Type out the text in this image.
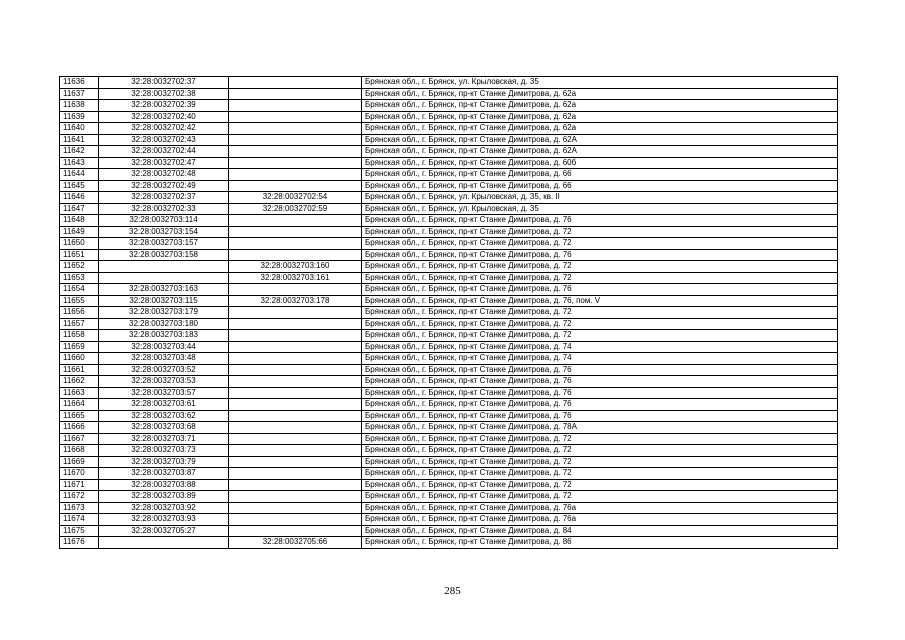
11636	32:28:0032702:37		Брянская обл., г. Брянск, ул. Крыловская, д. 35
11637	32:28:0032702:38		Брянская обл., г. Брянск, пр-кт Станке Димитрова, д. 62а
11638	32:28:0032702:39		Брянская обл., г. Брянск, пр-кт Станке Димитрова, д. 62а
11639	32:28:0032702:40		Брянская обл., г. Брянск, пр-кт Станке Димитрова, д. 62а
11640	32:28:0032702:42		Брянская обл., г. Брянск, пр-кт Станке Димитрова, д. 62а
11641	32:28:0032702:43		Брянская обл., г. Брянск, пр-кт Станке Димитрова, д. 62А
11642	32:28:0032702:44		Брянская обл., г. Брянск, пр-кт Станке Димитрова, д. 62А
11643	32:28:0032702:47		Брянская обл., г. Брянск, пр-кт Станке Димитрова, д. 60б
11644	32:28:0032702:48		Брянская обл., г. Брянск, пр-кт Станке Димитрова, д. 66
11645	32:28:0032702:49		Брянская обл., г. Брянск, пр-кт Станке Димитрова, д. 66
11646	32:28:0032702:37	32:28:0032702:54	Брянская обл., г. Брянск, ул. Крыловская, д. 35, кв. II
11647	32:28:0032702:33	32:28:0032702:59	Брянская обл., г. Брянск, ул. Крыловская, д. 35
11648	32:28:0032703:114		Брянская обл., г. Брянск, пр-кт Станке Димитрова, д. 76
11649	32:28:0032703:154		Брянская обл., г. Брянск, пр-кт Станке Димитрова, д. 72
11650	32:28:0032703:157		Брянская обл., г. Брянск, пр-кт Станке Димитрова, д. 72
11651	32:28:0032703:158		Брянская обл., г. Брянск, пр-кт Станке Димитрова, д. 76
11652		32:28:0032703:160	Брянская обл., г. Брянск, пр-кт Станке Димитрова, д. 72
11653		32:28:0032703:161	Брянская обл., г. Брянск, пр-кт Станке Димитрова, д. 72
11654	32:28:0032703:163		Брянская обл., г. Брянск, пр-кт Станке Димитрова, д. 76
11655	32:28:0032703:115	32:28:0032703:178	Брянская обл., г. Брянск, пр-кт Станке Димитрова, д. 76, пом. V
11656	32:28:0032703:179		Брянская обл., г. Брянск, пр-кт Станке Димитрова, д. 72
11657	32:28:0032703:180		Брянская обл., г. Брянск, пр-кт Станке Димитрова, д. 72
11658	32:28:0032703:183		Брянская обл., г. Брянск, пр-кт Станке Димитрова, д. 72
11659	32:28:0032703:44		Брянская обл., г. Брянск, пр-кт Станке Димитрова, д. 74
11660	32:28:0032703:48		Брянская обл., г. Брянск, пр-кт Станке Димитрова, д. 74
11661	32:28:0032703:52		Брянская обл., г. Брянск, пр-кт Станке Димитрова, д. 76
11662	32:28:0032703:53		Брянская обл., г. Брянск, пр-кт Станке Димитрова, д. 76
11663	32:28:0032703:57		Брянская обл., г. Брянск, пр-кт Станке Димитрова, д. 76
11664	32:28:0032703:61		Брянская обл., г. Брянск, пр-кт Станке Димитрова, д. 76
11665	32:28:0032703:62		Брянская обл., г. Брянск, пр-кт Станке Димитрова, д. 76
11666	32:28:0032703:68		Брянская обл., г. Брянск, пр-кт Станке Димитрова, д. 78А
11667	32:28:0032703:71		Брянская обл., г. Брянск, пр-кт Станке Димитрова, д. 72
11668	32:28:0032703:73		Брянская обл., г. Брянск, пр-кт Станке Димитрова, д. 72
11669	32:28:0032703:79		Брянская обл., г. Брянск, пр-кт Станке Димитрова, д. 72
11670	32:28:0032703:87		Брянская обл., г. Брянск, пр-кт Станке Димитрова, д. 72
11671	32:28:0032703:88		Брянская обл., г. Брянск, пр-кт Станке Димитрова, д. 72
11672	32:28:0032703:89		Брянская обл., г. Брянск, пр-кт Станке Димитрова, д. 72
11673	32:28:0032703:92		Брянская обл., г. Брянск, пр-кт Станке Димитрова, д. 76а
11674	32:28:0032703:93		Брянская обл., г. Брянск, пр-кт Станке Димитрова, д. 76а
11675	32:28:0032705:27		Брянская обл., г. Брянск, пр-кт Станке Димитрова, д. 84
11676		32:28:0032705:66	Брянская обл., г. Брянск, пр-кт Станке Димитрова, д. 86
285
